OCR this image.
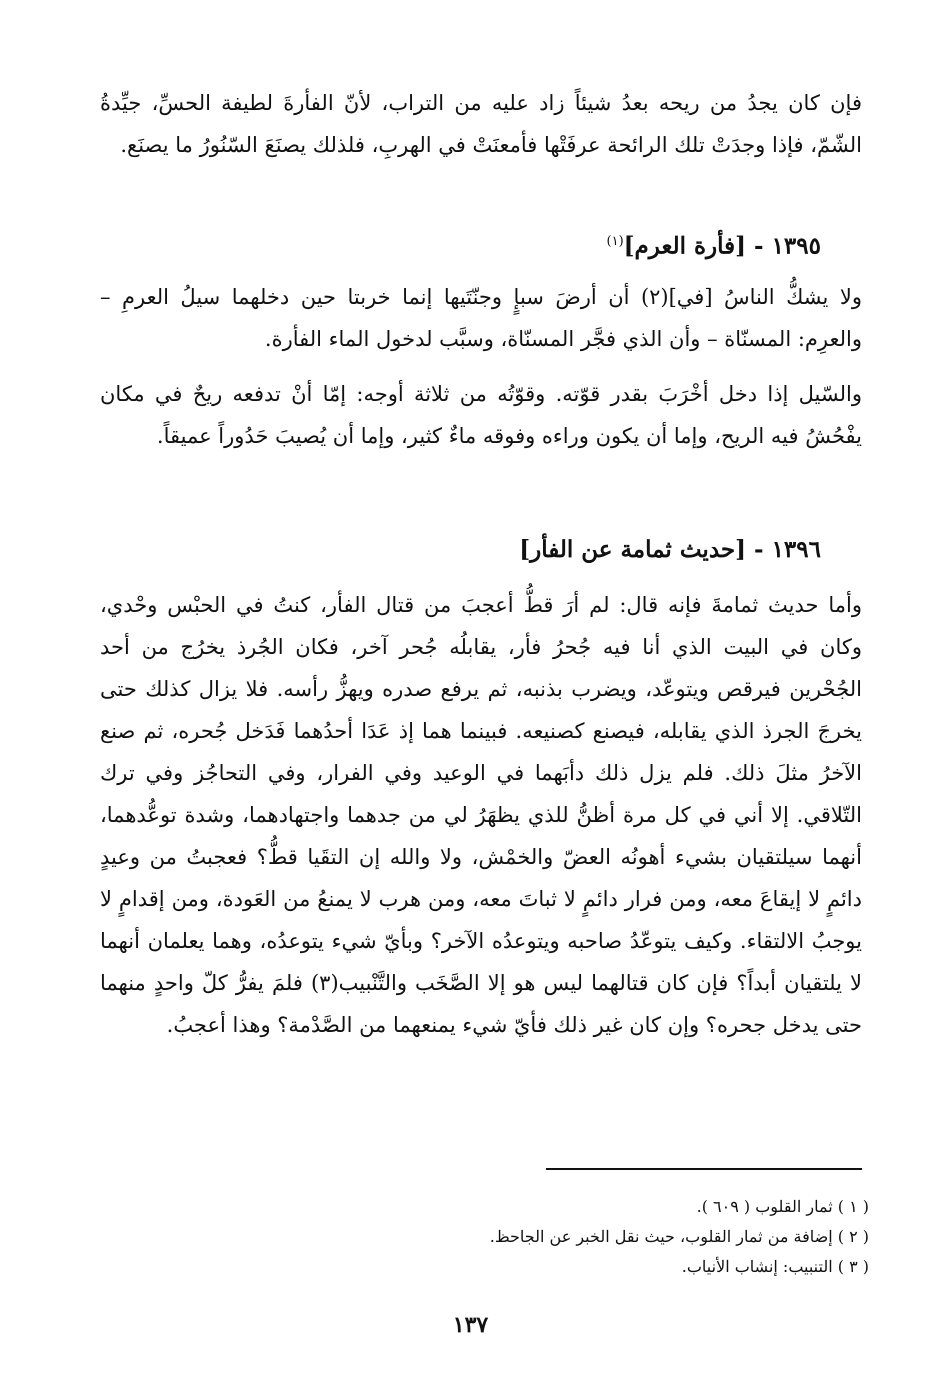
فإن كان يجدُ من ريحه بعدُ شيئاً زاد عليه من التراب، لأنّ الفأرةَ لطيفة الحسِّ، جيِّدةُ الشّمّ، فإذا وجدَتْ تلك الرائحة عرفَتْها فأمعنَتْ في الهربِ، فلذلك يصنَعَ السّنُورُ ما يصنَع.

١٣٩٥ - [فأرة العرم]$^{(١)}$

ولا يشكُّ الناسُ [في](٢) أن أرضَ سبإٍ وجنّتَيها إنما خربتا حين دخلهما سيلُ العرمِ – والعرِم: المسنّاة – وأن الذي فجَّر المسنّاة، وسبَّب لدخول الماء الفأرة.

والسّيل إذا دخل أخْرَبَ بقدر قوّته. وقوّتُه من ثلاثة أوجه: إمّا أنْ تدفعه ريحٌ في مكان يفْحُشُ فيه الريح، وإما أن يكون وراءه وفوقه ماءٌ كثير، وإما أن يُصيبَ حَدُوراً عميقاً.

١٣٩٦ - [حديث ثمامة عن الفأر]

وأما حديث ثمامةَ فإنه قال: لم أرَ قطُّ أعجبَ من قتال الفأر، كنتُ في الحبْس وحْدي، وكان في البيت الذي أنا فيه جُحرُ فأر، يقابلُه جُحر آخر، فكان الجُرذ يخرُج من أحد الجُحْرين فيرقص ويتوعّد، ويضرب بذنبه، ثم يرفع صدره ويهزُّ رأسه. فلا يزال كذلك حتى يخرجَ الجرذ الذي يقابله، فيصنع كصنيعه. فبينما هما إذ عَدَا أحدُهما فَدَخل جُحره، ثم صنع الآخرُ مثلَ ذلك. فلم يزل ذلك دأبَهما في الوعيد وفي الفرار، وفي التحاجُز وفي ترك التّلاقي. إلا أني في كل مرة أظنُّ للذي يظهَرُ لي من جدهما واجتهادهما، وشدة توعُّدهما، أنهما سيلتقيان بشيء أهونُه العضّ والخمْش، ولا والله إن التقَيا قطُّ؟ فعجبتُ من وعيدٍ دائمٍ لا إيقاعَ معه، ومن فرار دائمٍ لا ثباتَ معه، ومن هرب لا يمنعُ من العَودة، ومن إقدامٍ لا يوجبُ الالتقاء. وكيف يتوعّدُ صاحبه ويتوعدُه الآخر؟ وبأيّ شيء يتوعدُه، وهما يعلمان أنهما لا يلتقيان أبداً؟ فإن كان قتالهما ليس هو إلا الصَّخَب والتَّنْبيب(٣) فلمَ يفرُّ كلّ واحدٍ منهما حتى يدخل جحره؟ وإن كان غير ذلك فأيّ شيء يمنعهما من الصَّدْمة؟ وهذا أعجبُ.

( ١ ) ثمار القلوب ( ٦٠٩ ).
( ٢ ) إضافة من ثمار القلوب، حيث نقل الخبر عن الجاحظ.
( ٣ ) التنبيب: إنشاب الأنياب.
١٣٧
